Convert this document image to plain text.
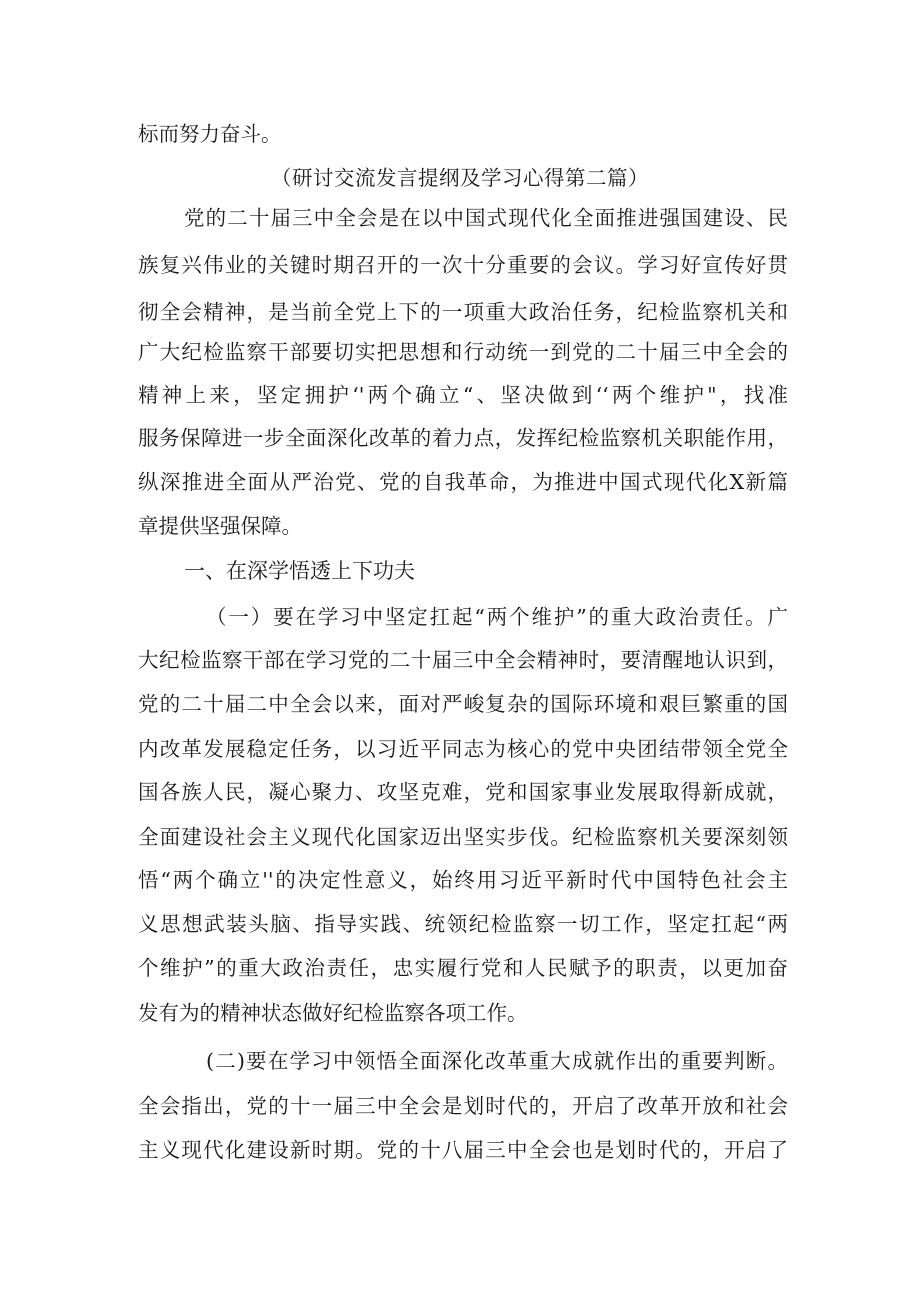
标而努力奋斗。
（研讨交流发言提纲及学习心得第二篇）
党的二十届三中全会是在以中国式现代化全面推进强国建设、民
族复兴伟业的关键时期召开的一次十分重要的会议。学习好宣传好贯
彻全会精神，是当前全党上下的一项重大政治任务，纪检监察机关和
广大纪检监察干部要切实把思想和行动统一到党的二十届三中全会的
精神上来，坚定拥护‘'两个确立“、坚决做到‘‘两个维护"，找准
服务保障进一步全面深化改革的着力点，发挥纪检监察机关职能作用，
纵深推进全面从严治党、党的自我革命，为推进中国式现代化X新篇
章提供坚强保障。
一、在深学悟透上下功夫
（一）要在学习中坚定扛起“两个维护”的重大政治责任。广
大纪检监察干部在学习党的二十届三中全会精神时，要清醒地认识到，
党的二十届二中全会以来，面对严峻复杂的国际环境和艰巨繁重的国
内改革发展稳定任务，以习近平同志为核心的党中央团结带领全党全
国各族人民，凝心聚力、攻坚克难，党和国家事业发展取得新成就，
全面建设社会主义现代化国家迈出坚实步伐。纪检监察机关要深刻领
悟“两个确立''的决定性意义，始终用习近平新时代中国特色社会主
义思想武装头脑、指导实践、统领纪检监察一切工作，坚定扛起“两
个维护”的重大政治责任，忠实履行党和人民赋予的职责，以更加奋
发有为的精神状态做好纪检监察各项工作。
(二)要在学习中领悟全面深化改革重大成就作出的重要判断。
全会指出，党的十一届三中全会是划时代的，开启了改革开放和社会
主义现代化建设新时期。党的十八届三中全会也是划时代的，开启了
